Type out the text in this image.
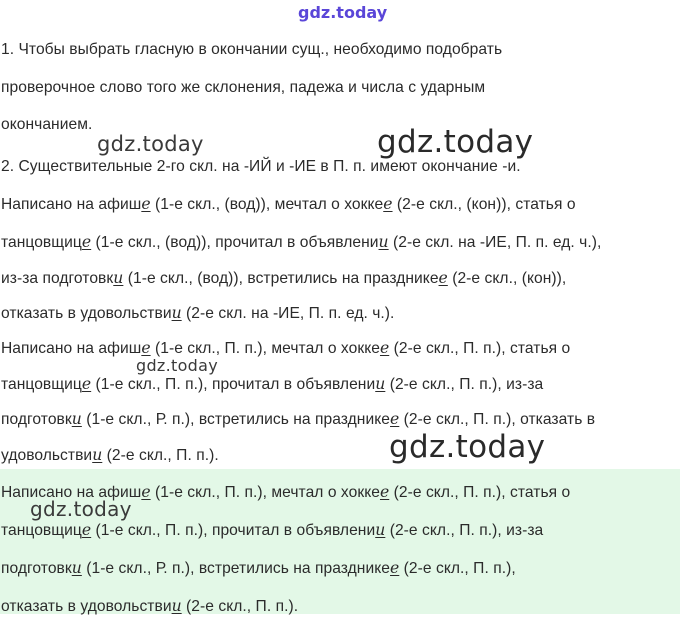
1. Чтобы выбрать гласную в окончании сущ., необходимо подобрать
проверочное слово того же склонения, падежа и числа с ударным
окончанием.
2. Существительные 2-го скл. на -ИЙ и -ИЕ в П. п. имеют окончание -и.
Написано на афише (1-е скл., (вод)), мечтал о хоккее (2-е скл., (кон)), статья о
танцовщице (1-е скл., (вод)), прочитал в объявлении (2-е скл. на -ИЕ, П. п. ед. ч.),
из-за подготовки (1-е скл., (вод)), встретились на праздникее (2-е скл., (кон)),
отказать в удовольствии (2-е скл. на -ИЕ, П. п. ед. ч.).
Написано на афише (1-е скл., П. п.), мечтал о хоккее (2-е скл., П. п.), статья о
танцовщице (1-е скл., П. п.), прочитал в объявлении (2-е скл., П. п.), из-за
подготовки (1-е скл., Р. п.), встретились на праздникее (2-е скл., П. п.), отказать в
удовольствии (2-е скл., П. п.).
Написано на афише (1-е скл., П. п.), мечтал о хоккее (2-е скл., П. п.), статья о
танцовщице (1-е скл., П. п.), прочитал в объявлении (2-е скл., П. п.), из-за
подготовки (1-е скл., Р. п.), встретились на праздникее (2-е скл., П. п.),
отказать в удовольствии (2-е скл., П. п.).
gdz.today
gdz.today	gdz.today
gdz.today
gdz.today
gdz.today
